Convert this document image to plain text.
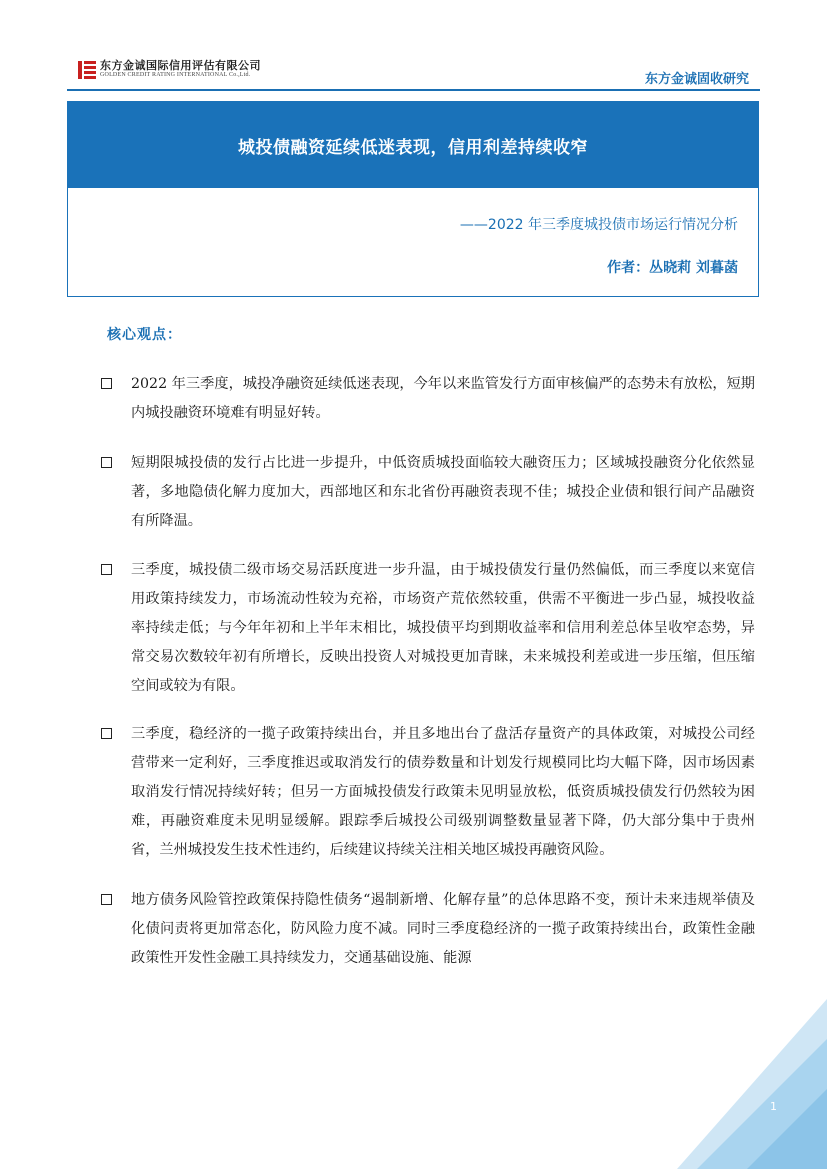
东方金诚国际信用评估有限公司
GOLDEN CREDIT RATING INTERNATIONAL Co.,Ltd.	东方金诚固收研究
城投债融资延续低迷表现，信用利差持续收窄
——2022 年三季度城投债市场运行情况分析
作者：丛晓莉 刘暮菡
核心观点：
2022 年三季度，城投净融资延续低迷表现，今年以来监管发行方面审核偏严的态势未有放松，短期内城投融资环境难有明显好转。
短期限城投债的发行占比进一步提升，中低资质城投面临较大融资压力；区域城投融资分化依然显著，多地隐债化解力度加大，西部地区和东北省份再融资表现不佳；城投企业债和银行间产品融资有所降温。
三季度，城投债二级市场交易活跃度进一步升温，由于城投债发行量仍然偏低，而三季度以来宽信用政策持续发力，市场流动性较为充裕，市场资产荒依然较重，供需不平衡进一步凸显，城投收益率持续走低；与今年年初和上半年末相比，城投债平均到期收益率和信用利差总体呈收窄态势，异常交易次数较年初有所增长，反映出投资人对城投更加青睐，未来城投利差或进一步压缩，但压缩空间或较为有限。
三季度，稳经济的一揽子政策持续出台，并且多地出台了盘活存量资产的具体政策，对城投公司经营带来一定利好，三季度推迟或取消发行的债券数量和计划发行规模同比均大幅下降，因市场因素取消发行情况持续好转；但另一方面城投债发行政策未见明显放松，低资质城投债发行仍然较为困难，再融资难度未见明显缓解。跟踪季后城投公司级别调整数量显著下降，仍大部分集中于贵州省，兰州城投发生技术性违约，后续建议持续关注相关地区城投再融资风险。
地方债务风险管控政策保持隐性债务“遏制新增、化解存量”的总体思路不变，预计未来违规举债及化债问责将更加常态化，防风险力度不减。同时三季度稳经济的一揽子政策持续出台，政策性金融政策性开发性金融工具持续发力，交通基础设施、能源
1
